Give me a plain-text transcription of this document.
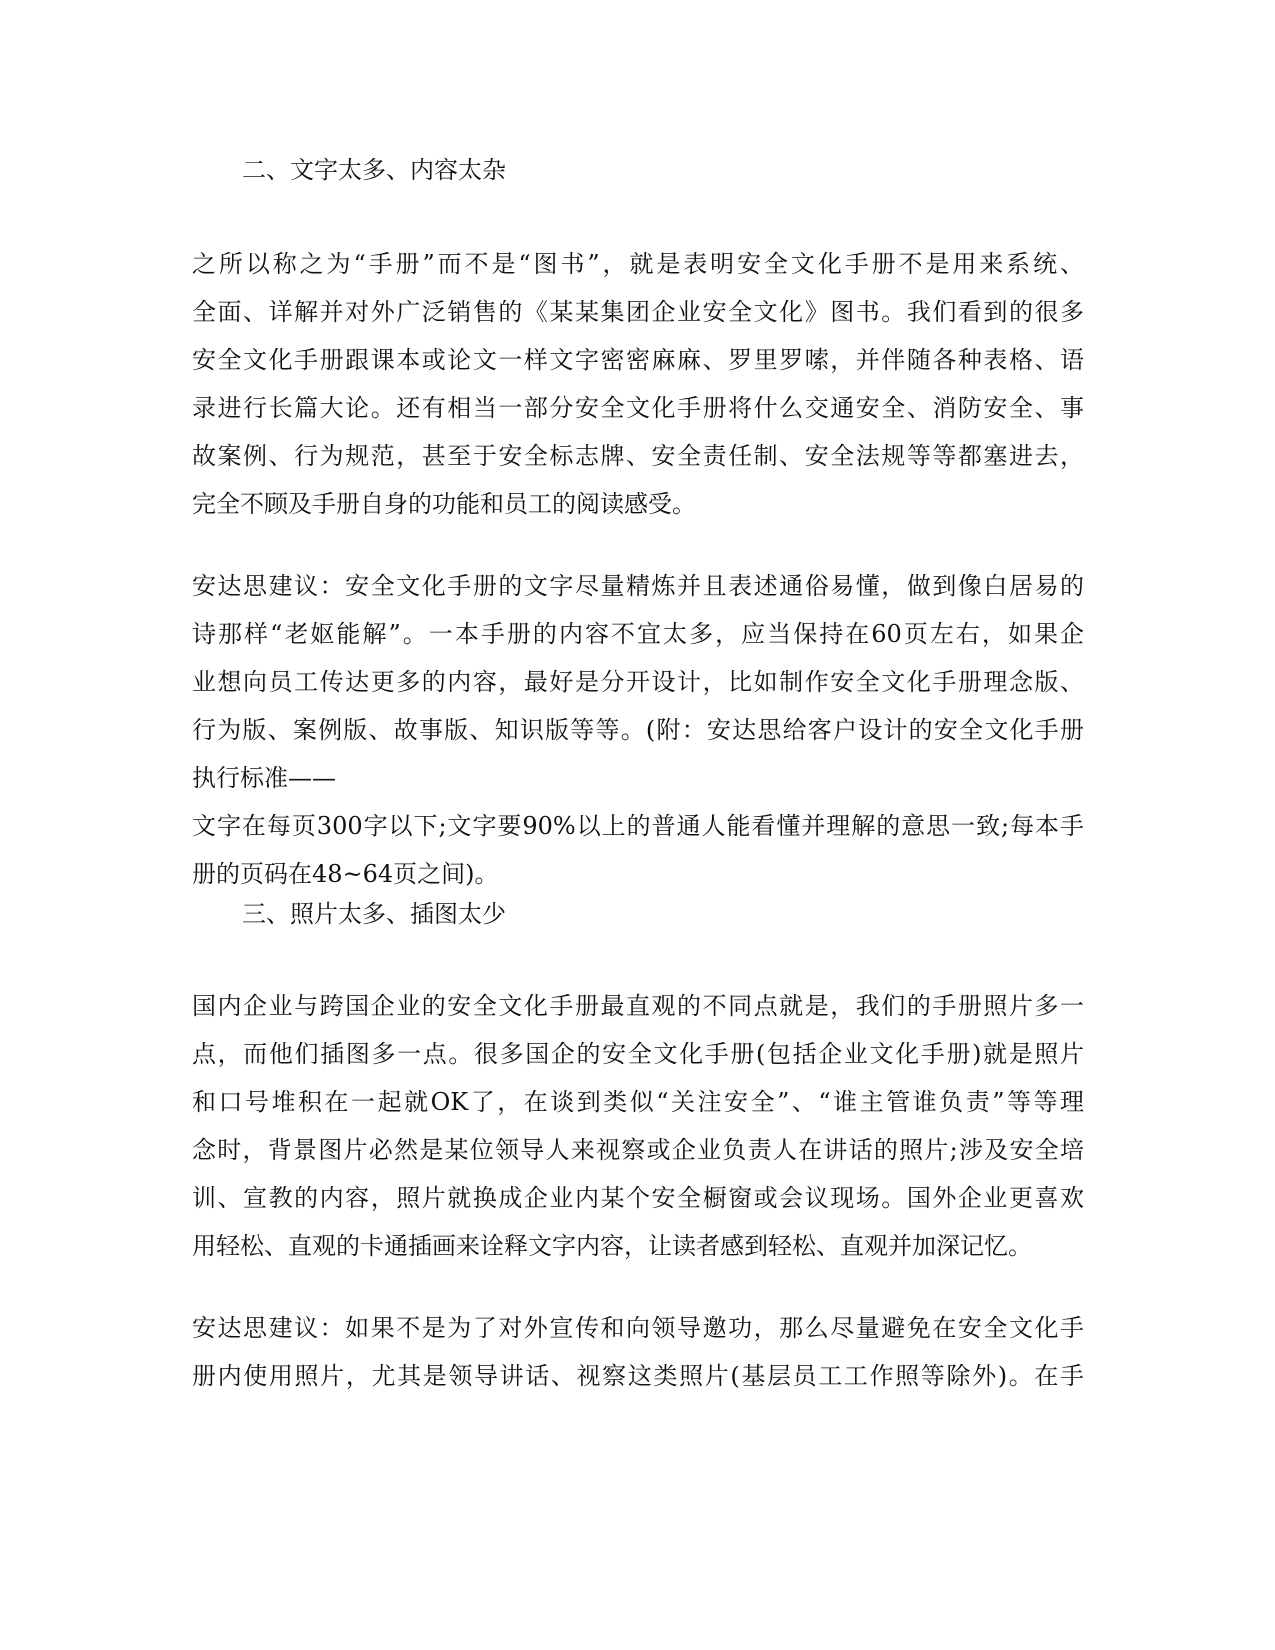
二、文字太多、内容太杂
之所以称之为“手册”而不是“图书”，就是表明安全文化手册不是用来系统、
全面、详解并对外广泛销售的《某某集团企业安全文化》图书。我们看到的很多
安全文化手册跟课本或论文一样文字密密麻麻、罗里罗嗦，并伴随各种表格、语
录进行长篇大论。还有相当一部分安全文化手册将什么交通安全、消防安全、事
故案例、行为规范，甚至于安全标志牌、安全责任制、安全法规等等都塞进去，
完全不顾及手册自身的功能和员工的阅读感受。
安达思建议：安全文化手册的文字尽量精炼并且表述通俗易懂，做到像白居易的
诗那样“老妪能解”。一本手册的内容不宜太多，应当保持在60页左右，如果企
业想向员工传达更多的内容，最好是分开设计，比如制作安全文化手册理念版、
行为版、案例版、故事版、知识版等等。(附：安达思给客户设计的安全文化手册
执行标准——
文字在每页300字以下;文字要90%以上的普通人能看懂并理解的意思一致;每本手
册的页码在48~64页之间)。
三、照片太多、插图太少
国内企业与跨国企业的安全文化手册最直观的不同点就是，我们的手册照片多一
点，而他们插图多一点。很多国企的安全文化手册(包括企业文化手册)就是照片
和口号堆积在一起就OK了，在谈到类似“关注安全”、“谁主管谁负责”等等理
念时，背景图片必然是某位领导人来视察或企业负责人在讲话的照片;涉及安全培
训、宣教的内容，照片就换成企业内某个安全橱窗或会议现场。国外企业更喜欢
用轻松、直观的卡通插画来诠释文字内容，让读者感到轻松、直观并加深记忆。
安达思建议：如果不是为了对外宣传和向领导邀功，那么尽量避免在安全文化手
册内使用照片，尤其是领导讲话、视察这类照片(基层员工工作照等除外)。在手
